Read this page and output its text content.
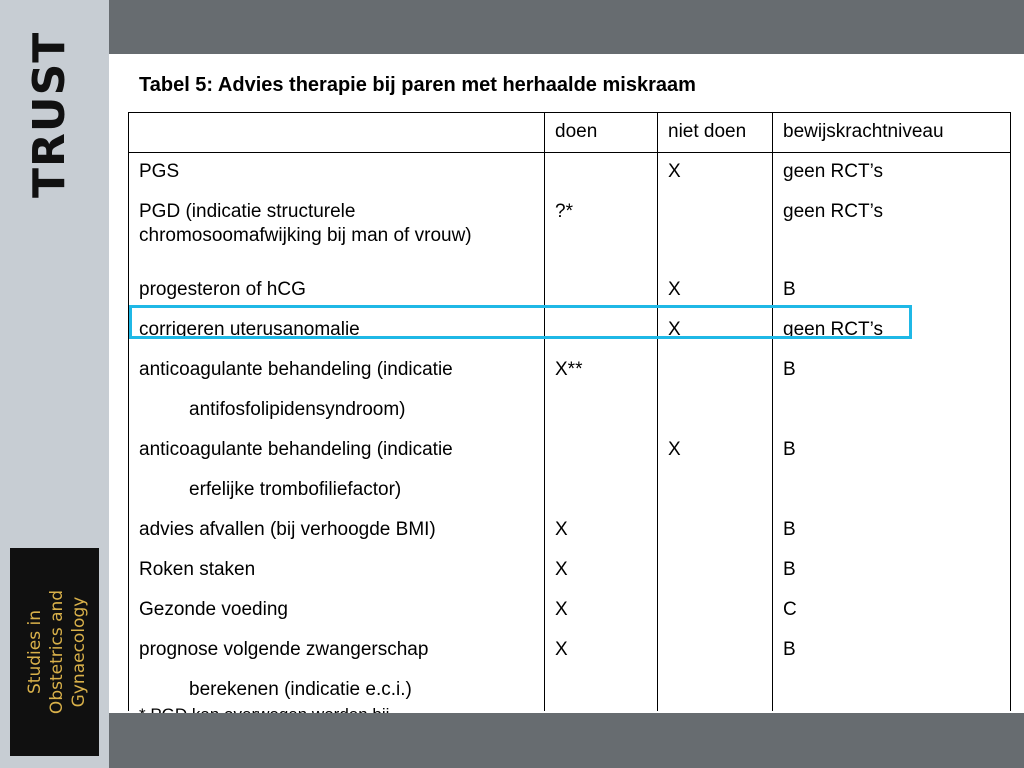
TRUST
Studies in Obstetrics and Gynaecology
Tabel 5: Advies therapie bij paren met herhaalde miskraam
	doen	niet doen	bewijskrachtniveau
PGS		X	geen RCT’s
PGD (indicatie structurele chromosoomafwijking bij man of vrouw)	?*		geen RCT’s
progesteron of hCG		X	B
corrigeren uterusanomalie		X	geen RCT’s
anticoagulante behandeling (indicatie
antifosfolipidensyndroom)	X**		B
anticoagulante behandeling (indicatie
erfelijke trombofiliefactor)		X	B
advies afvallen (bij verhoogde BMI)	X		B
Roken staken	X		B
Gezonde voeding	X		C
prognose volgende zwangerschap
berekenen (indicatie e.c.i.)	X		B
